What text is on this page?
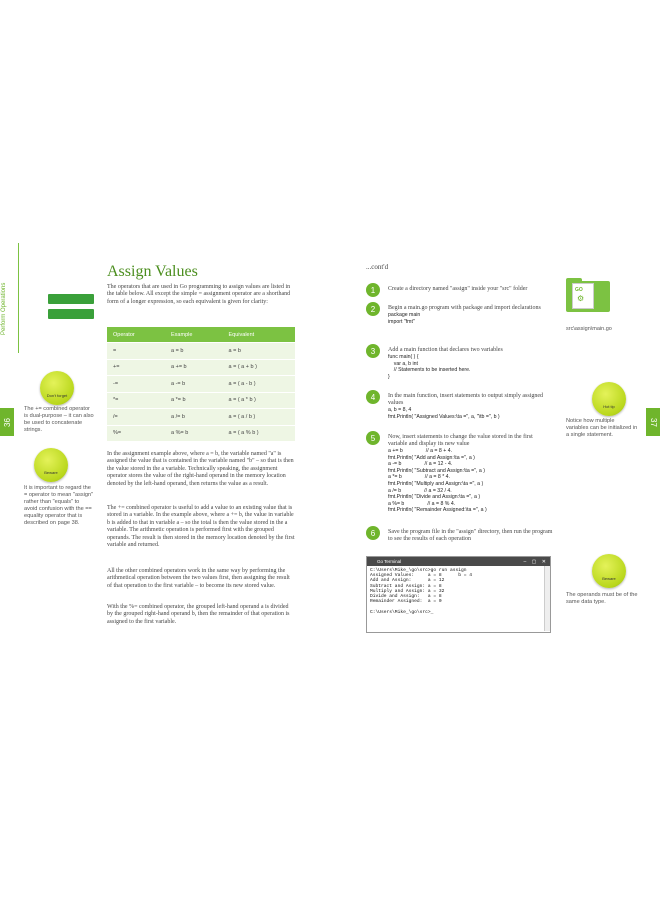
Perform Operations
36
Don't forget
The += combined operator is dual-purpose – it can also be used to concatenate strings.
Beware
It is important to regard the = operator to mean "assign" rather than "equals" to avoid confusion with the == equality operator that is described on page 38.
Assign Values
The operators that are used in Go programming to assign values are listed in the table below. All except the simple = assignment operator are a shorthand form of a longer expression, so each equivalent is given for clarity:
Operator	Example	Equivalent
=	a = b	a = b
+=	a += b	a = ( a + b )
-=	a -= b	a = ( a - b )
*=	a *= b	a = ( a * b )
/=	a /= b	a = ( a / b )
%=	a %= b	a = ( a % b )
In the assignment example above, where a = b, the variable named "a" is assigned the value that is contained in the variable named "b" – so that is then the value stored in the a variable. Technically speaking, the assignment operator stores the value of the right-hand operand in the memory location denoted by the left-hand operand, then returns the value as a result.
The += combined operator is useful to add a value to an existing value that is stored in a variable. In the example above, where a += b, the value in variable b is added to that in variable a – so the total is then the value stored in the a variable. The arithmetic operation is performed first with the grouped operands. The result is then stored in the memory location denoted by the first variable and returned.
All the other combined operators work in the same way by performing the arithmetical operation between the two values first, then assigning the result of that operation to the first variable – to become its new stored value.
With the %= combined operator, the grouped left-hand operand a is divided by the grouped right-hand operand b, then the remainder of that operation is assigned to the first variable.
...cont'd
1	Create a directory named "assign" inside your "src" folder
2	Begin a main.go program with package and import declarations
package main
import "fmt"
3	Add a main function that declares two variables
func main( ) {
var a, b int
// Statements to be inserted here.
}
4	In the main function, insert statements to output simply assigned values
a, b = 8, 4
fmt.Println( "Assigned Values:\ta =", a, "\tb =", b )
5	Now, insert statements to change the value stored in the first variable and display its new value
a += b                // a = 8 + 4.
fmt.Println( "Add and Assign:\ta =", a )
a -= b                // a = 12 - 4.
fmt.Println( "Subtract and Assign:\ta =", a )
a *= b                // a = 8 * 4.
fmt.Println( "Multiply and Assign:\ta =", a )
a /= b                // a = 32 / 4.
fmt.Println( "Divide and Assign:\ta =", a )
a %= b                // a = 8 % 4.
fmt.Println( "Remainder Assigned:\ta =", a )
6	Save the program file in the "assign" directory, then run the program to see the results of each operation
Go Terminal	– ▢ ✕
C:\Users\Mike_\go\src>go run assign
Assigned Values:     a = 8      b = 4
Add and Assign:      a = 12
Subtract and Assign: a = 8
Multiply and Assign: a = 32
Divide and Assign:   a = 8
Remainder Assigned:  a = 0

C:\Users\Mike_\go\src>_
GO
⚙
src\assign\main.go
Hot tip
Notice how multiple variables can be initialized in a single statement.
Beware
The operands must be of the same data type.
37
